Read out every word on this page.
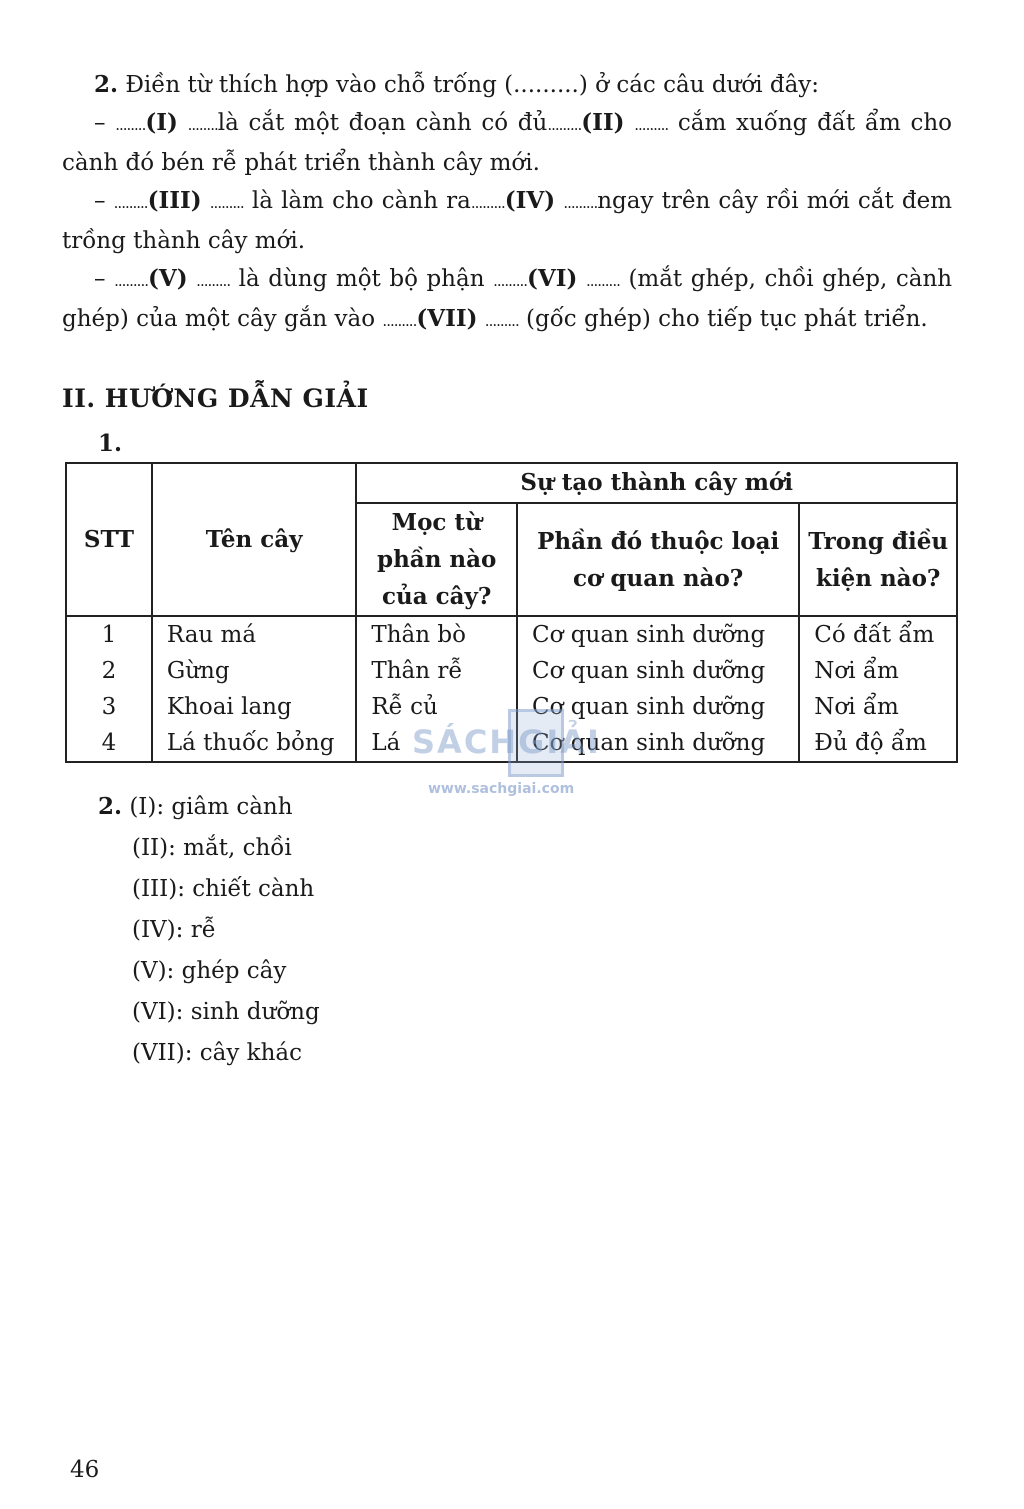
2. Điền từ thích hợp vào chỗ trống (.........) ở các câu dưới đây:

– ........(I) ........là cắt một đoạn cành có đủ.........(II) ......... cắm xuống đất ẩm cho cành đó bén rễ phát triển thành cây mới.

– .........(III) ......... là làm cho cành ra.........(IV) .........ngay trên cây rồi mới cắt đem trồng thành cây mới.

– .........(V) ......... là dùng một bộ phận .........(VI) ......... (mắt ghép, chồi ghép, cành ghép) của một cây gắn vào .........(VII) ......... (gốc ghép) cho tiếp tục phát triển.

II. HƯỚNG DẪN GIẢI
1.
STT	Tên cây	Sự tạo thành cây mới		
		Mọc từ phần nào của cây?	Phần đó thuộc loại cơ quan nào?	Trong điều kiện nào?
1	Rau má	Thân bò	Cơ quan sinh dưỡng	Có đất ẩm
2	Gừng	Thân rễ	Cơ quan sinh dưỡng	Nơi ẩm
3	Khoai lang	Rễ củ	Cơ quan sinh dưỡng	Nơi ẩm
4	Lá thuốc bỏng	Lá	Cơ quan sinh dưỡng	Đủ độ ẩm
SÁCHGIẢI
www.sachgiai.com
2. (I): giâm cành
(II): mắt, chồi
(III): chiết cành
(IV): rễ
(V): ghép cây
(VI): sinh dưỡng
(VII): cây khác
46
